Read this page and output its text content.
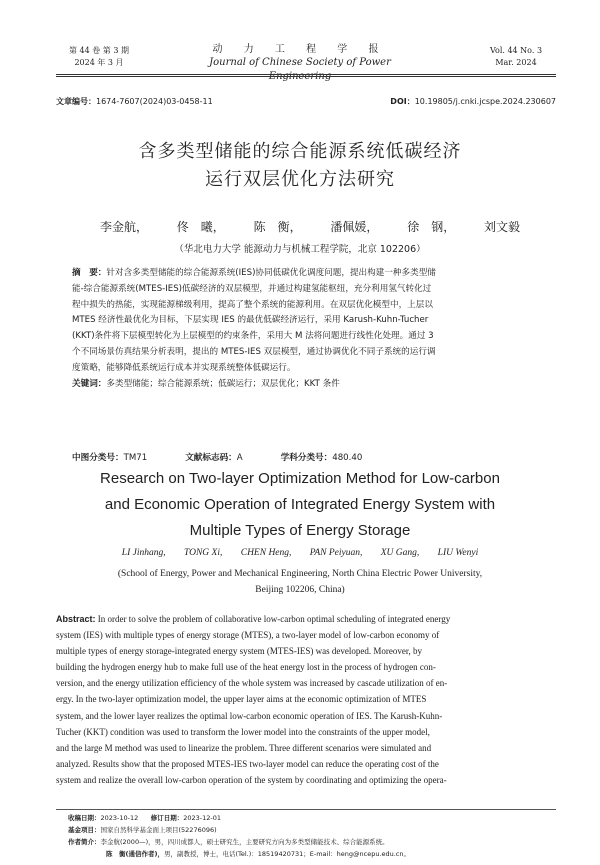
第 44 卷 第 3 期
2024 年 3 月
动 力 工 程 学 报
Journal of Chinese Society of Power Engineering
Vol. 44 No. 3
Mar. 2024
文章编号：1674-7607(2024)03-0458-11	DOI：10.19805/j.cnki.jcspe.2024.230607
含多类型储能的综合能源系统低碳经济
运行双层优化方法研究
李金航， 佟　曦， 陈　衡， 潘佩媛， 徐　钢， 刘文毅
（华北电力大学 能源动力与机械工程学院，北京 102206）
摘　要：针对含多类型储能的综合能源系统(IES)协同低碳优化调度问题，提出构建一种多类型储
能-综合能源系统(MTES-IES)低碳经济的双层模型，并通过构建氢能枢纽，充分利用氢气转化过
程中损失的热能，实现能源梯级利用，提高了整个系统的能源利用。在双层优化模型中，上层以
MTES 经济性最优化为目标，下层实现 IES 的最优低碳经济运行，采用 Karush-Kuhn-Tucher
(KKT)条件将下层模型转化为上层模型的约束条件，采用大 M 法将问题进行线性化处理。通过 3
个不同场景仿真结果分析表明，提出的 MTES-IES 双层模型，通过协调优化不同子系统的运行调
度策略，能够降低系统运行成本并实现系统整体低碳运行。
关键词：多类型储能；综合能源系统；低碳运行；双层优化；KKT 条件
中图分类号：TM71	文献标志码：A	学科分类号：480.40
Research on Two-layer Optimization Method for Low-carbon
and Economic Operation of Integrated Energy System with
Multiple Types of Energy Storage
LI Jinhang, TONG Xi, CHEN Heng, PAN Peiyuan, XU Gang, LIU Wenyi
(School of Energy, Power and Mechanical Engineering, North China Electric Power University,
Beijing 102206, China)
Abstract: In order to solve the problem of collaborative low-carbon optimal scheduling of integrated energy
system (IES) with multiple types of energy storage (MTES), a two-layer model of low-carbon economy of
multiple types of energy storage-integrated energy system (MTES-IES) was developed. Moreover, by
building the hydrogen energy hub to make full use of the heat energy lost in the process of hydrogen con-
version, and the energy utilization efficiency of the whole system was increased by cascade utilization of en-
ergy. In the two-layer optimization model, the upper layer aims at the economic optimization of MTES
system, and the lower layer realizes the optimal low-carbon economic operation of IES. The Karush-Kuhn-
Tucher (KKT) condition was used to transform the lower model into the constraints of the upper model,
and the large M method was used to linearize the problem. Three different scenarios were simulated and
analyzed. Results show that the proposed MTES-IES two-layer model can reduce the operating cost of the
system and realize the overall low-carbon operation of the system by coordinating and optimizing the opera-
收稿日期：2023-10-12 修订日期：2023-12-01
基金项目：国家自然科学基金面上项目(52276096)
作者简介：李金航(2000—)，男，四川成都人，硕士研究生，主要研究方向为多类型储能技术、综合能源系统。
陈　衡(通信作者)，男，副教授，博士，电话(Tel.)：18519420731；E-mail：heng@ncepu.edu.cn。
